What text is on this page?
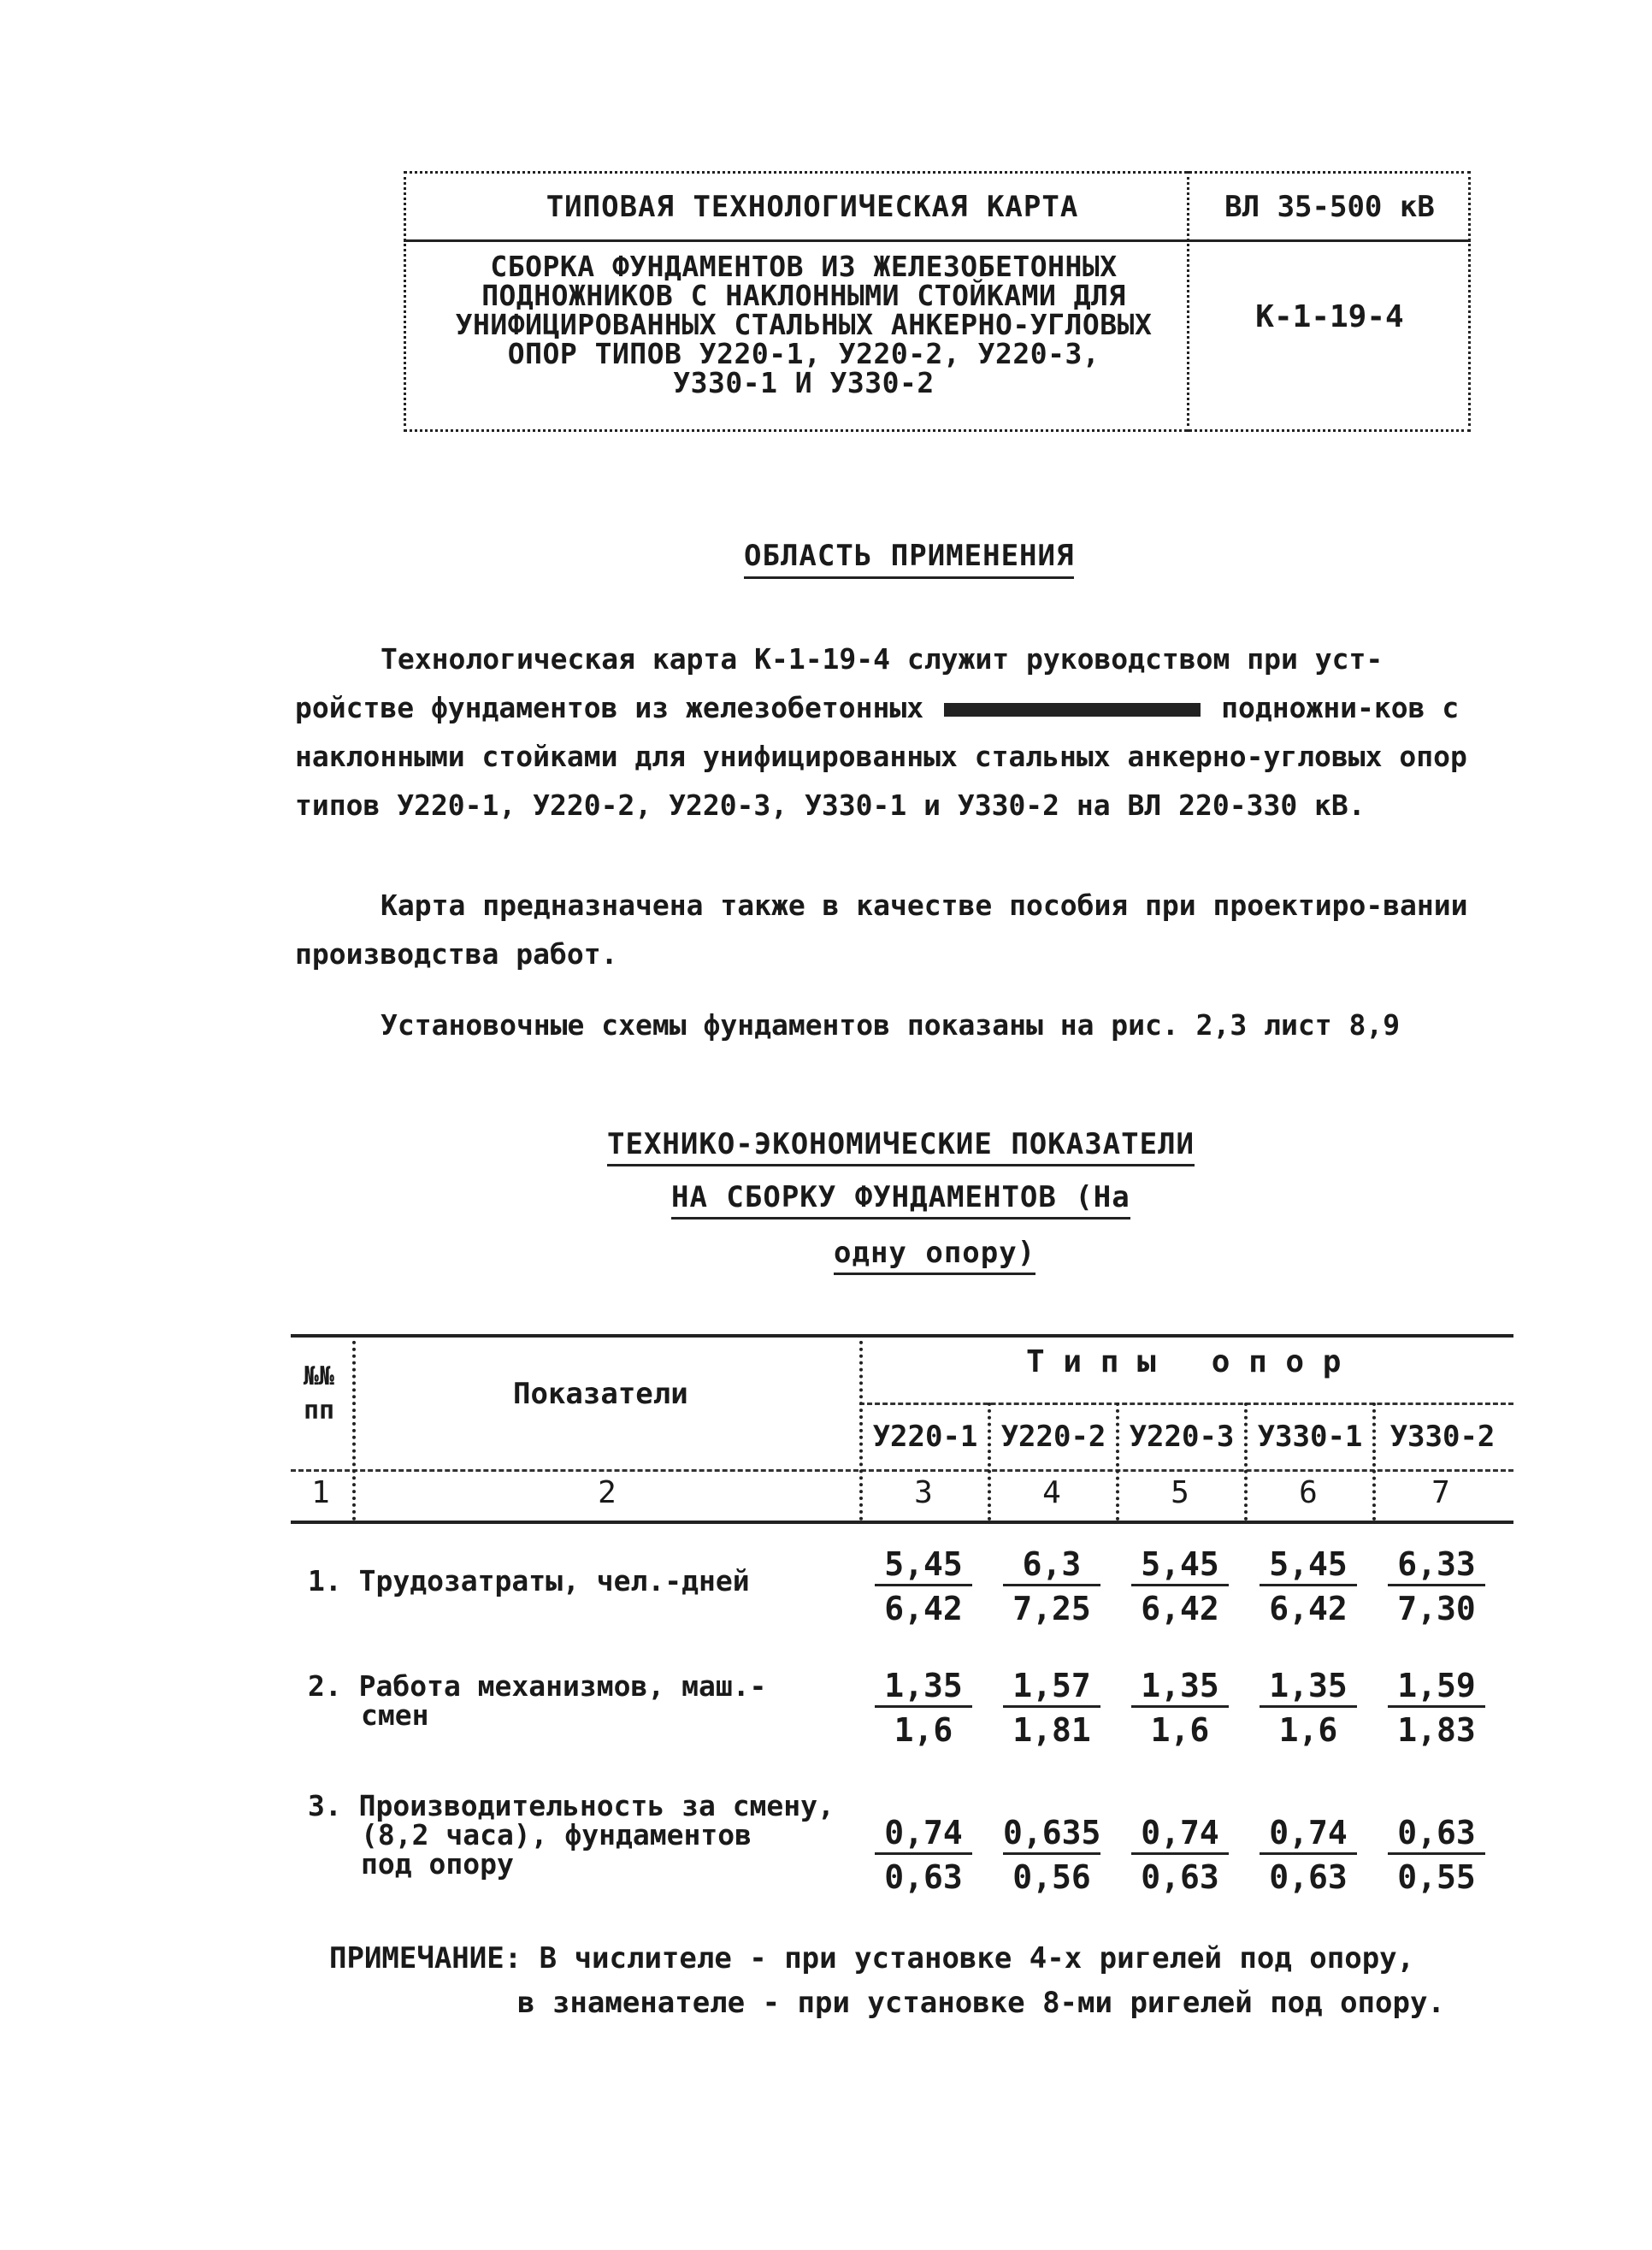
ТИПОВАЯ ТЕХНОЛОГИЧЕСКАЯ КАРТА	ВЛ 35-500 кВ
СБОРКА ФУНДАМЕНТОВ ИЗ ЖЕЛЕЗОБЕТОННЫХ
ПОДНОЖНИКОВ С НАКЛОННЫМИ СТОЙКАМИ ДЛЯ
УНИФИЦИРОВАННЫХ СТАЛЬНЫХ АНКЕРНО-УГЛОВЫХ
ОПОР ТИПОВ У220-1, У220-2, У220-3,
У330-1 И У330-2
К-1-19-4
ОБЛАСТЬ ПРИМЕНЕНИЯ
Технологическая карта К-1-19-4 служит руководством при уст-ройстве фундаментов из железобетонных	подножни-ков с наклонными стойками для унифицированных стальных анкерно-угловых опор типов У220-1, У220-2, У220-3, У330-1 и У330-2 на ВЛ 220-330 кВ.
Карта предназначена также в качестве пособия при проектиро-вании производства работ.
Установочные схемы фундаментов показаны на рис. 2,3 лист 8,9
ТЕХНИКО-ЭКОНОМИЧЕСКИЕ ПОКАЗАТЕЛИ
НА СБОРКУ ФУНДАМЕНТОВ (На
одну опору)
№№
пп	Показатели
Т и п ы   о п о р
У220-1 У220-2 У220-3 У330-1 У330-2
1	2	3	4	5	6	7
1. Трудозатраты, чел.-дней	$\frac{5,45}{6,42} \frac{6,3}{7,25} \frac{5,45}{6,42} \frac{5,45}{6,42} \frac{6,33}{7,30}$
2. Работа механизмов, маш.-
смен	$\frac{1,35}{1,6} \frac{1,57}{1,81} \frac{1,35}{1,6} \frac{1,35}{1,6} \frac{1,59}{1,83}$
3. Производительность за смену,
(8,2 часа), фундаментов
под опору	$\frac{0,74}{0,63} \frac{0,635}{0,56} \frac{0,74}{0,63} \frac{0,74}{0,63} \frac{0,63}{0,55}$
ПРИМЕЧАНИЕ: В числителе - при установке 4-х ригелей под опору,
в знаменателе - при установке 8-ми ригелей под опору.
